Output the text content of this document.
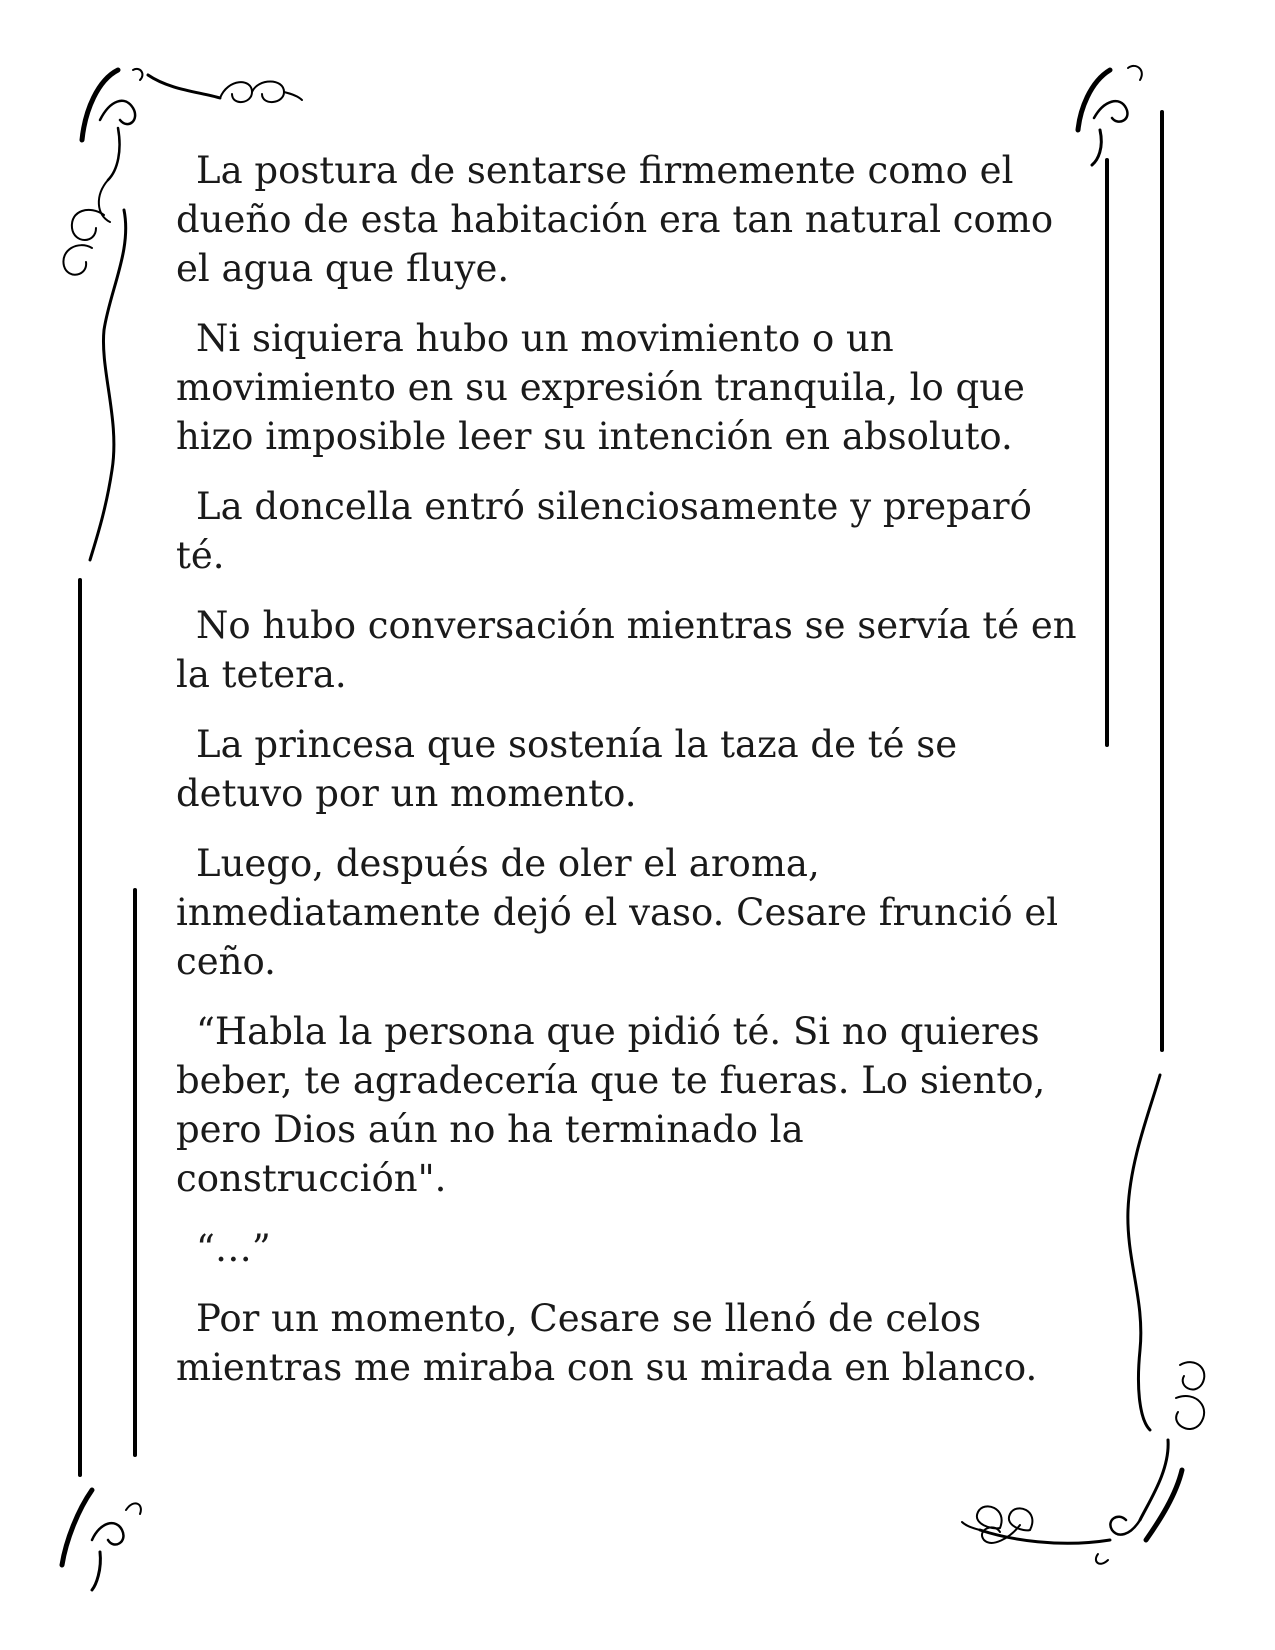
La postura de sentarse firmemente como el
dueño de esta habitación era tan natural como
el agua que fluye.

Ni siquiera hubo un movimiento o un
movimiento en su expresión tranquila, lo que
hizo imposible leer su intención en absoluto.

La doncella entró silenciosamente y preparó
té.

No hubo conversación mientras se servía té en
la tetera.

La princesa que sostenía la taza de té se
detuvo por un momento.

Luego, después de oler el aroma,
inmediatamente dejó el vaso. Cesare frunció el
ceño.

“Habla la persona que pidió té. Si no quieres
beber, te agradecería que te fueras. Lo siento,
pero Dios aún no ha terminado la
construcción".

“…”

Por un momento, Cesare se llenó de celos
mientras me miraba con su mirada en blanco.
